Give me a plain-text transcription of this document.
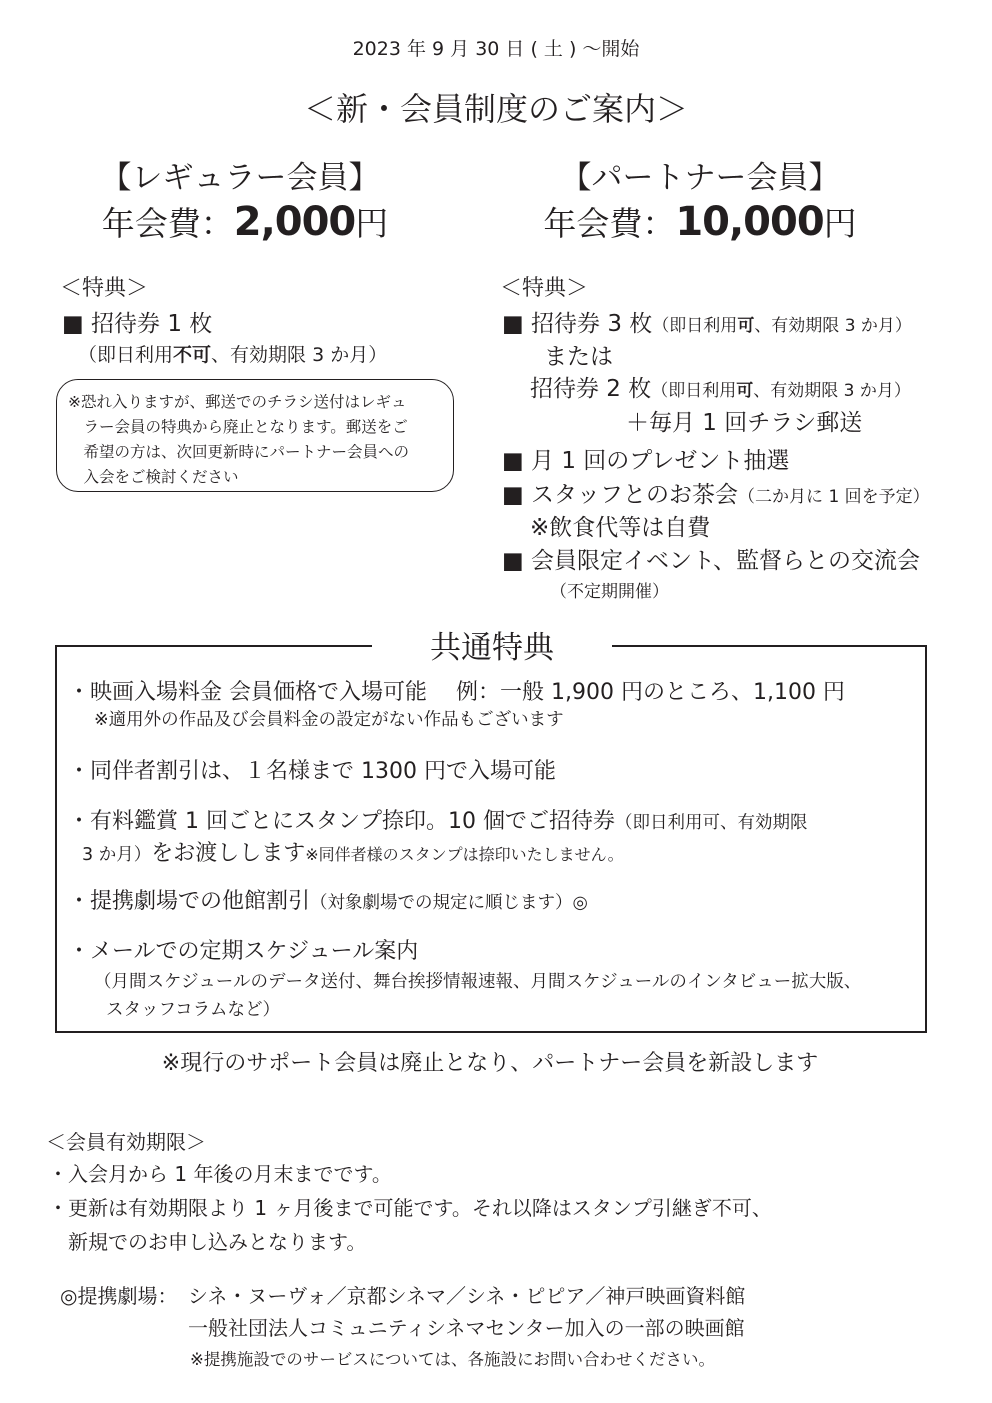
2023 年 9 月 30 日 ( 土 ) ～開始
＜新・会員制度のご案内＞
【レギュラー会員】
年会費：2,000円
＜特典＞
■ 招待券 1 枚
（即日利用不可、有効期限 3 か月）
※恐れ入りますが、郵送でのチラシ送付はレギュ
　ラー会員の特典から廃止となります。郵送をご
　希望の方は、次回更新時にパートナー会員への
　入会をご検討ください
【パートナー会員】
年会費：10,000円
＜特典＞
■ 招待券 3 枚（即日利用可、有効期限 3 か月）
または
招待券 2 枚（即日利用可、有効期限 3 か月）
＋毎月 1 回チラシ郵送
■ 月 1 回のプレゼント抽選
■ スタッフとのお茶会（二か月に 1 回を予定）
※飲食代等は自費
■ 会員限定イベント、監督らとの交流会
（不定期開催）
共通特典
・映画入場料金 会員価格で入場可能　 例：一般 1,900 円のところ、1,100 円
※適用外の作品及び会員料金の設定がない作品もございます
・同伴者割引は、１名様まで 1300 円で入場可能
・有料鑑賞 1 回ごとにスタンプ捺印。10 個でご招待券（即日利用可、有効期限
3 か月）をお渡しします※同伴者様のスタンプは捺印いたしません。
・提携劇場での他館割引（対象劇場での規定に順じます）◎
・メールでの定期スケジュール案内
（月間スケジュールのデータ送付、舞台挨拶情報速報、月間スケジュールのインタビュー拡大版、
スタッフコラムなど）
※現行のサポート会員は廃止となり、パートナー会員を新設します
＜会員有効期限＞
・入会月から 1 年後の月末までです。
・更新は有効期限より 1 ヶ月後まで可能です。それ以降はスタンプ引継ぎ不可、
新規でのお申し込みとなります。
◎提携劇場： シネ・ヌーヴォ／京都シネマ／シネ・ピピア／神戸映画資料館
一般社団法人コミュニティシネマセンター加入の一部の映画館
※提携施設でのサービスについては、各施設にお問い合わせください。
